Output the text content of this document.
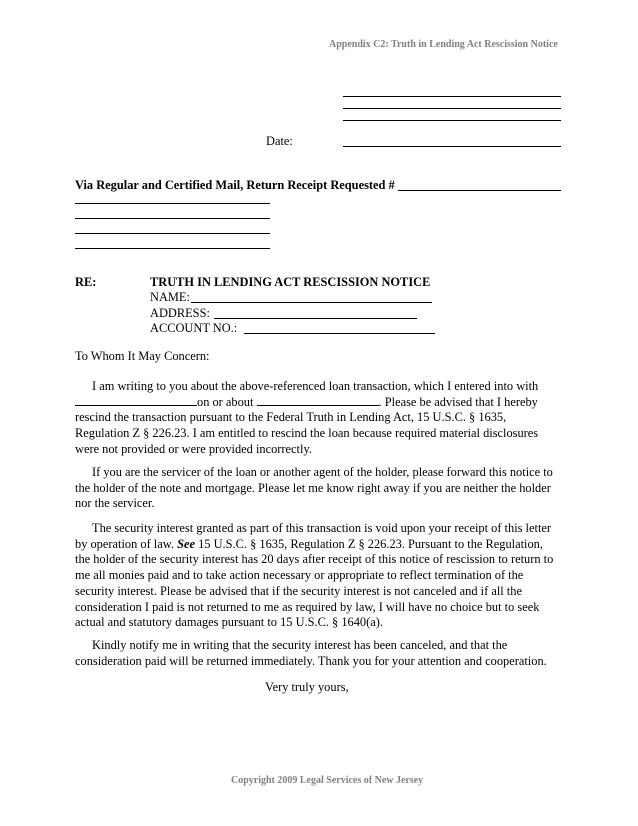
Appendix C2: Truth in Lending Act Rescission Notice
Date:
Via Regular and Certified Mail, Return Receipt Requested #
RE:	TRUTH IN LENDING ACT RESCISSION NOTICE
NAME:
ADDRESS:
ACCOUNT NO.:
To Whom It May Concern:
I am writing to you about the above-referenced loan transaction, which I entered into with
on or about	. Please be advised that I hereby
rescind the transaction pursuant to the Federal Truth in Lending Act, 15 U.S.C. § 1635,
Regulation Z § 226.23. I am entitled to rescind the loan because required material disclosures
were not provided or were provided incorrectly.
If you are the servicer of the loan or another agent of the holder, please forward this notice to
the holder of the note and mortgage. Please let me know right away if you are neither the holder
nor the servicer.
The security interest granted as part of this transaction is void upon your receipt of this letter
by operation of law. See 15 U.S.C. § 1635, Regulation Z § 226.23. Pursuant to the Regulation,
the holder of the security interest has 20 days after receipt of this notice of rescission to return to
me all monies paid and to take action necessary or appropriate to reflect termination of the
security interest. Please be advised that if the security interest is not canceled and if all the
consideration I paid is not returned to me as required by law, I will have no choice but to seek
actual and statutory damages pursuant to 15 U.S.C. § 1640(a).
Kindly notify me in writing that the security interest has been canceled, and that the
consideration paid will be returned immediately. Thank you for your attention and cooperation.
Very truly yours,
Copyright 2009 Legal Services of New Jersey
